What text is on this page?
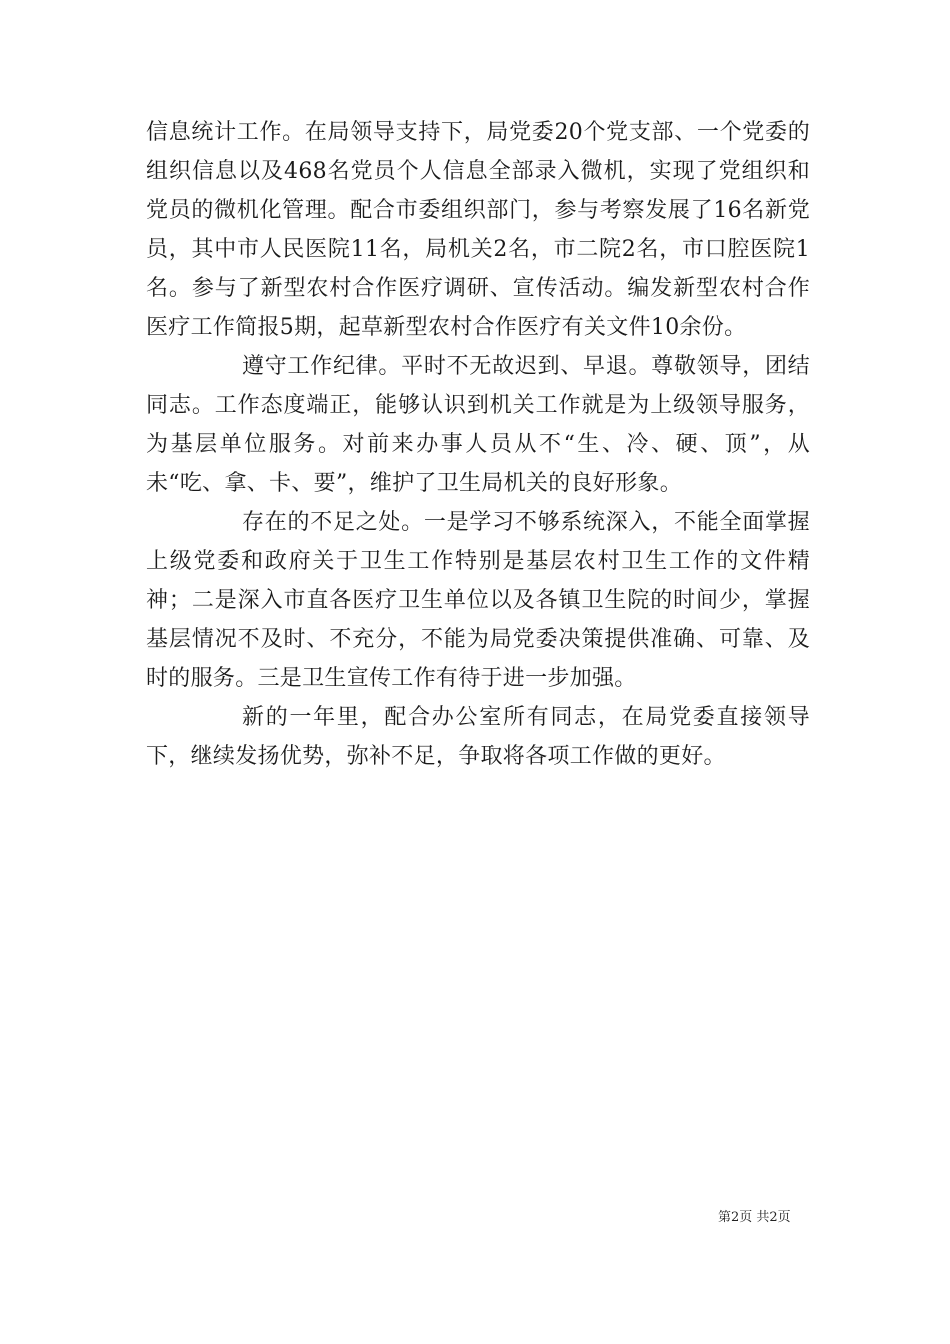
信息统计工作。在局领导支持下，局党委20个党支部、一个党委的组织信息以及468名党员个人信息全部录入微机，实现了党组织和党员的微机化管理。配合市委组织部门，参与考察发展了16名新党员，其中市人民医院11名，局机关2名，市二院2名，市口腔医院1名。参与了新型农村合作医疗调研、宣传活动。编发新型农村合作医疗工作简报5期，起草新型农村合作医疗有关文件10余份。

遵守工作纪律。平时不无故迟到、早退。尊敬领导，团结同志。工作态度端正，能够认识到机关工作就是为上级领导服务，为基层单位服务。对前来办事人员从不“生、冷、硬、顶”，从未“吃、拿、卡、要”，维护了卫生局机关的良好形象。

存在的不足之处。一是学习不够系统深入，不能全面掌握上级党委和政府关于卫生工作特别是基层农村卫生工作的文件精神；二是深入市直各医疗卫生单位以及各镇卫生院的时间少，掌握基层情况不及时、不充分，不能为局党委决策提供准确、可靠、及时的服务。三是卫生宣传工作有待于进一步加强。

新的一年里，配合办公室所有同志，在局党委直接领导下，继续发扬优势，弥补不足，争取将各项工作做的更好。

第2页 共2页
